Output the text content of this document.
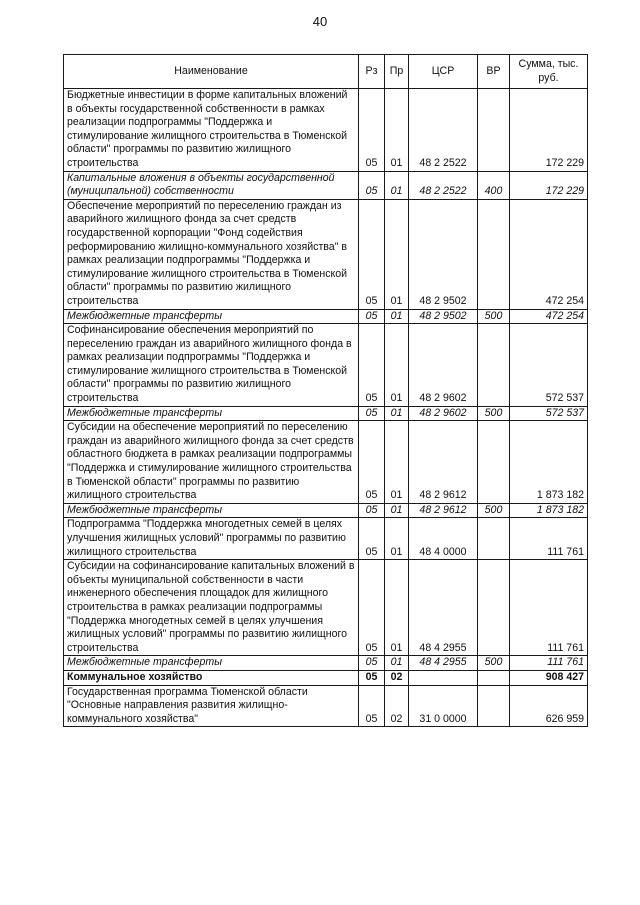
40
Наименование	Рз	Пр	ЦСР	ВР	Сумма, тыс. руб.
Бюджетные инвестиции в форме капитальных вложений в объекты государственной собственности в рамках реализации подпрограммы "Поддержка и стимулирование жилищного строительства в Тюменской области" программы по развитию жилищного строительства	05	01	48 2 2522		172 229
Капитальные вложения в объекты государственной (муниципальной) собственности	05	01	48 2 2522	400	172 229
Обеспечение мероприятий по переселению граждан из аварийного жилищного фонда за счет средств государственной корпорации "Фонд содействия реформированию жилищно-коммунального хозяйства" в рамках реализации подпрограммы "Поддержка и стимулирование жилищного строительства в Тюменской области" программы по развитию жилищного строительства	05	01	48 2 9502		472 254
Межбюджетные трансферты	05	01	48 2 9502	500	472 254
Софинансирование обеспечения мероприятий по переселению граждан из аварийного жилищного фонда в рамках реализации подпрограммы "Поддержка и стимулирование жилищного строительства в Тюменской области" программы по развитию жилищного строительства	05	01	48 2 9602		572 537
Межбюджетные трансферты	05	01	48 2 9602	500	572 537
Субсидии на обеспечение мероприятий по переселению граждан из аварийного жилищного фонда за счет средств областного бюджета в рамках реализации подпрограммы "Поддержка и стимулирование жилищного строительства в Тюменской области" программы по развитию жилищного строительства	05	01	48 2 9612		1 873 182
Межбюджетные трансферты	05	01	48 2 9612	500	1 873 182
Подпрограмма "Поддержка многодетных семей в целях улучшения жилищных условий" программы по развитию жилищного строительства	05	01	48 4 0000		111 761
Субсидии на софинансирование капитальных вложений в объекты муниципальной собственности в части инженерного обеспечения площадок для жилищного строительства в рамках реализации подпрограммы "Поддержка многодетных семей в целях улучшения жилищных условий" программы по развитию жилищного строительства	05	01	48 4 2955		111 761
Межбюджетные трансферты	05	01	48 4 2955	500	111 761
Коммунальное хозяйство	05	02			908 427
Государственная программа Тюменской области "Основные направления развития жилищно-коммунального хозяйства"	05	02	31 0 0000		626 959
